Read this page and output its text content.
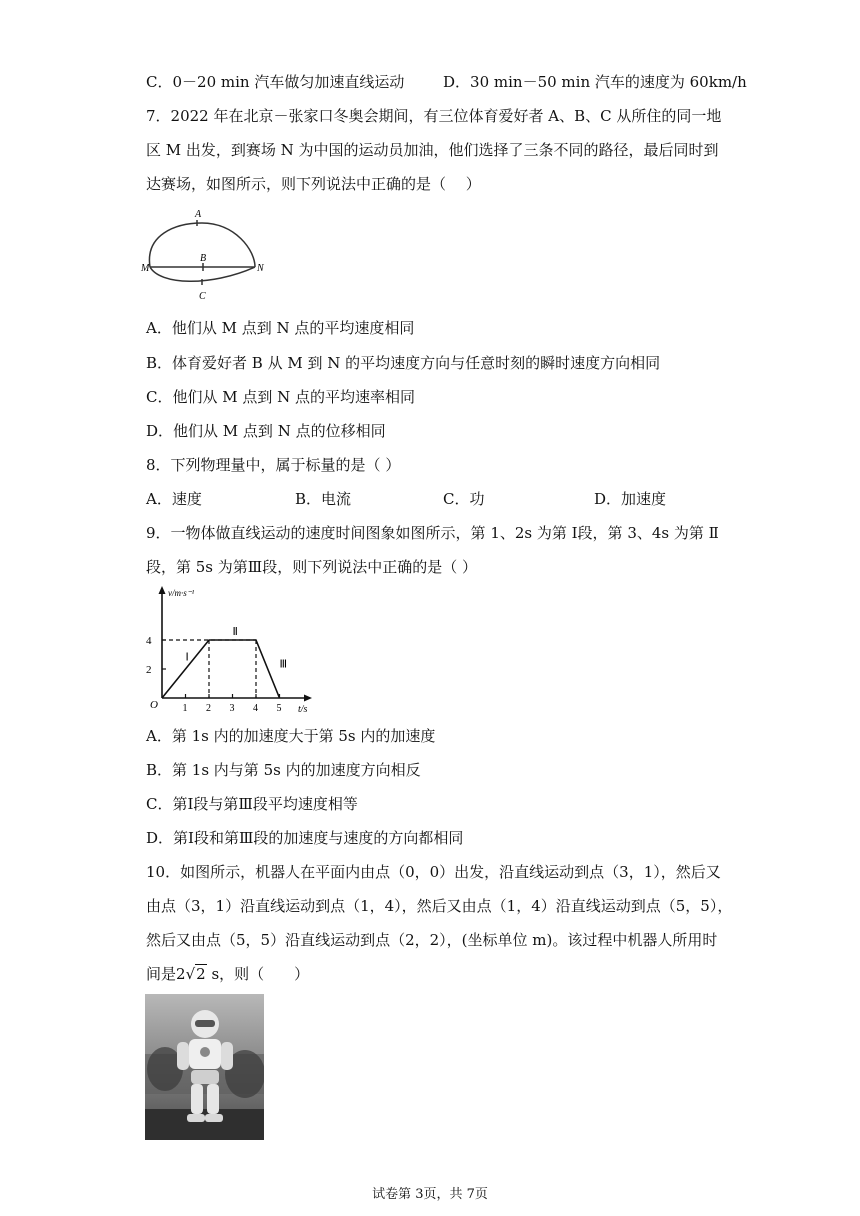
C．0－20 min 汽车做匀加速直线运动	D．30 min－50 min 汽车的速度为 60km/h
7．2022 年在北京－张家口冬奥会期间，有三位体育爱好者 A、B、C 从所住的同一地
区 M 出发，到赛场 N 为中国的运动员加油，他们选择了三条不同的路径，最后同时到
达赛场，如图所示，则下列说法中正确的是（　 ）
A
B
C
M	N
A．他们从 M 点到 N 点的平均速度相同
B．体育爱好者 B 从 M 到 N 的平均速度方向与任意时刻的瞬时速度方向相同
C．他们从 M 点到 N 点的平均速率相同
D．他们从 M 点到 N 点的位移相同
8．下列物理量中，属于标量的是（ ）
A．速度	B．电流	C．功	D．加速度
9．一物体做直线运动的速度时间图象如图所示，第 1、2s 为第 Ⅰ段，第 3、4s 为第 Ⅱ
段，第 5s 为第Ⅲ段，则下列说法中正确的是（ ）
1 2 3 4 5
2
4
Ⅰ
Ⅱ
Ⅲ
v/m·s⁻¹
t/s
O
A．第 1s 内的加速度大于第 5s 内的加速度
B．第 1s 内与第 5s 内的加速度方向相反
C．第Ⅰ段与第Ⅲ段平均速度相等
D．第Ⅰ段和第Ⅲ段的加速度与速度的方向都相同
10．如图所示，机器人在平面内由点（0，0）出发，沿直线运动到点（3，1），然后又
由点（3，1）沿直线运动到点（1，4），然后又由点（1，4）沿直线运动到点（5，5），
然后又由点（5，5）沿直线运动到点（2，2），(坐标单位 m)。该过程中机器人所用时
间是2√2 s，则（　　）
试卷第 3页，共 7页
